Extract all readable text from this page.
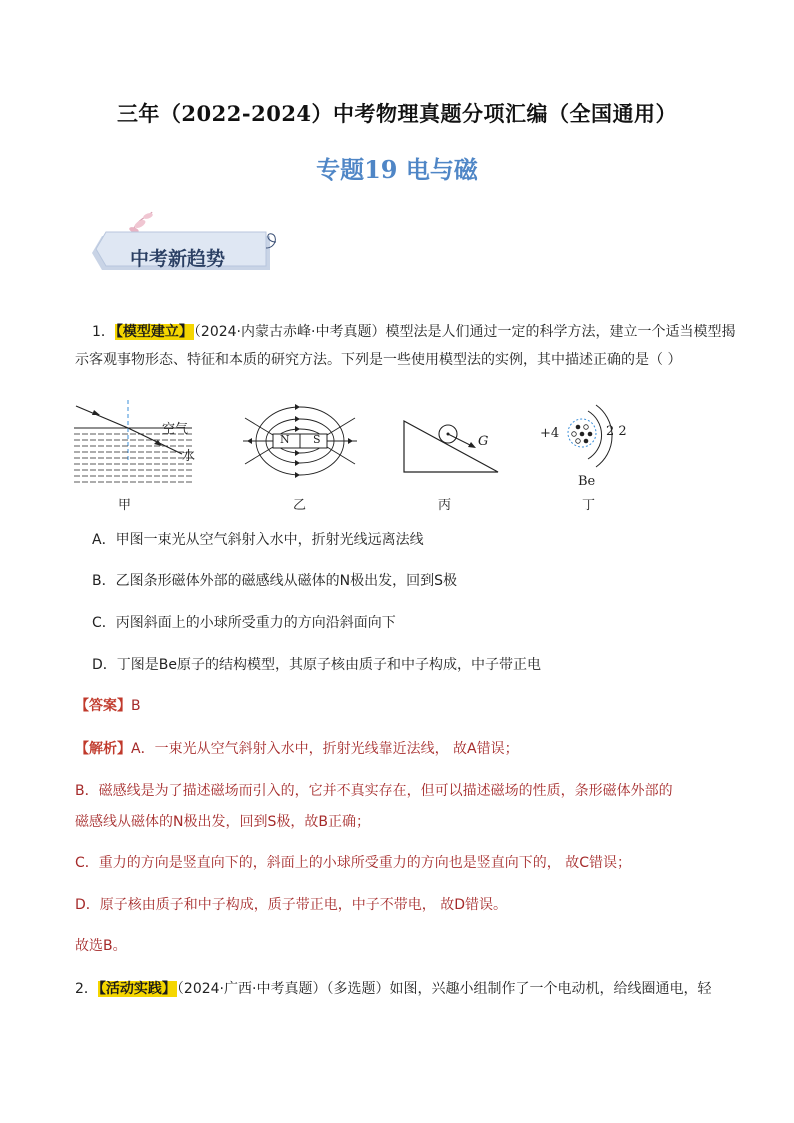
三年（2022-2024）中考物理真题分项汇编（全国通用）
专题19 电与磁
中考新趋势
1．【模型建立】（2024·内蒙古赤峰·中考真题）模型法是人们通过一定的科学方法，建立一个适当模型揭
示客观事物形态、特征和本质的研究方法。下列是一些使用模型法的实例，其中描述正确的是（ ）
空气
水
甲
N S
乙
G
丙
+4	2 2
Be
丁
A．甲图一束光从空气斜射入水中，折射光线远离法线
B．乙图条形磁体外部的磁感线从磁体的N极出发，回到S极
C．丙图斜面上的小球所受重力的方向沿斜面向下
D．丁图是Be原子的结构模型，其原子核由质子和中子构成，中子带正电
【答案】B
【解析】A．一束光从空气斜射入水中，折射光线靠近法线， 故A错误；
B．磁感线是为了描述磁场而引入的，它并不真实存在，但可以描述磁场的性质，条形磁体外部的
磁感线从磁体的N极出发，回到S极，故B正确；
C．重力的方向是竖直向下的，斜面上的小球所受重力的方向也是竖直向下的， 故C错误；
D．原子核由质子和中子构成，质子带正电，中子不带电， 故D错误。
故选B。
2．【活动实践】（2024·广西·中考真题）（多选题）如图，兴趣小组制作了一个电动机，给线圈通电，轻
